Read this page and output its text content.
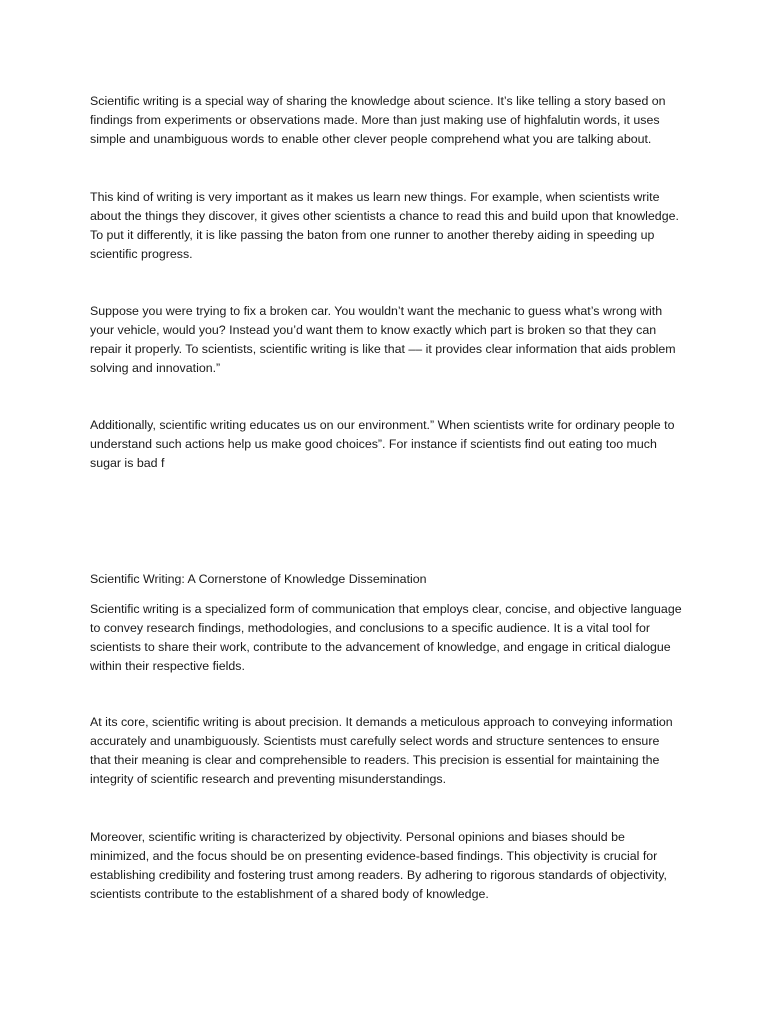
Scientific writing is a special way of sharing the knowledge about science. It’s like telling a story based on findings from experiments or observations made. More than just making use of highfalutin words, it uses simple and unambiguous words to enable other clever people comprehend what you are talking about.

This kind of writing is very important as it makes us learn new things. For example, when scientists write about the things they discover, it gives other scientists a chance to read this and build upon that knowledge. To put it differently, it is like passing the baton from one runner to another thereby aiding in speeding up scientific progress.

Suppose you were trying to fix a broken car. You wouldn’t want the mechanic to guess what’s wrong with your vehicle, would you? Instead you’d want them to know exactly which part is broken so that they can repair it properly. To scientists, scientific writing is like that –– it provides clear information that aids problem solving and innovation.”

Additionally, scientific writing educates us on our environment.” When scientists write for ordinary people to understand such actions help us make good choices”. For instance if scientists find out eating too much sugar is bad f

Scientific Writing: A Cornerstone of Knowledge Dissemination

Scientific writing is a specialized form of communication that employs clear, concise, and objective language to convey research findings, methodologies, and conclusions to a specific audience. It is a vital tool for scientists to share their work, contribute to the advancement of knowledge, and engage in critical dialogue within their respective fields.

At its core, scientific writing is about precision. It demands a meticulous approach to conveying information accurately and unambiguously. Scientists must carefully select words and structure sentences to ensure that their meaning is clear and comprehensible to readers. This precision is essential for maintaining the integrity of scientific research and preventing misunderstandings.

Moreover, scientific writing is characterized by objectivity. Personal opinions and biases should be minimized, and the focus should be on presenting evidence-based findings. This objectivity is crucial for establishing credibility and fostering trust among readers. By adhering to rigorous standards of objectivity, scientists contribute to the establishment of a shared body of knowledge.
